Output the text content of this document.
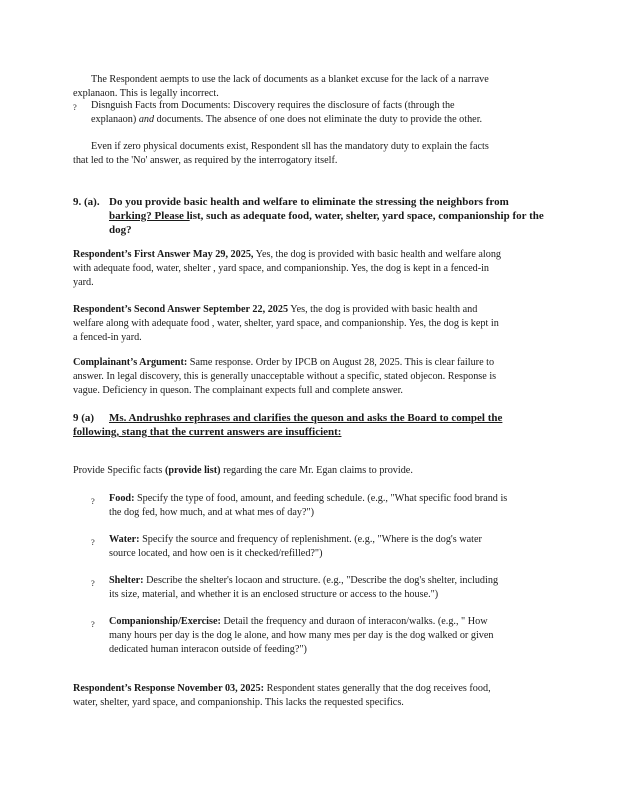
The Respondent aempts to use the lack of documents as a blanket excuse for the lack of a narrave
explanaon. This is legally incorrect.

?	Disnguish Facts from Documents: Discovery requires the disclosure of facts (through the
explanaon) and documents. The absence of one does not eliminate the duty to provide the other.

Even if zero physical documents exist, Respondent sll has the mandatory duty to explain the facts
that led to the 'No' answer, as required by the interrogatory itself.

9. (a). Do you provide basic health and welfare to eliminate the stressing the neighbors from
barking? Please list, such as adequate food, water, shelter, yard space, companionship for the
dog?

Respondent’s First Answer May 29, 2025, Yes, the dog is provided with basic health and welfare along
with adequate food, water, shelter , yard space, and companionship. Yes, the dog is kept in a fenced-in
yard.

Respondent’s Second Answer September 22, 2025 Yes, the dog is provided with basic health and
welfare along with adequate food , water, shelter, yard space, and companionship. Yes, the dog is kept in
a fenced-in yard.

Complainant’s Argument: Same response. Order by IPCB on August 28, 2025. This is clear failure to
answer. In legal discovery, this is generally unacceptable without a specific, stated objecon. Response is
vague. Deficiency in queson. The complainant expects full and complete answer.

9 (a)	Ms. Andrushko rephrases and clarifies the queson and asks the Board to compel the
following, stang that the current answers are insufficient:

Provide Specific facts (provide list) regarding the care Mr. Egan claims to provide.

?	Food: Specify the type of food, amount, and feeding schedule. (e.g., "What specific food brand is
the dog fed, how much, and at what mes of day?")

?	Water: Specify the source and frequency of replenishment. (e.g., "Where is the dog's water
source located, and how oen is it checked/refilled?")

?	Shelter: Describe the shelter's locaon and structure. (e.g., "Describe the dog's shelter, including
its size, material, and whether it is an enclosed structure or access to the house.")

?	Companionship/Exercise: Detail the frequency and duraon of interacon/walks. (e.g., " How
many hours per day is the dog le alone, and how many mes per day is the dog walked or given
dedicated human interacon outside of feeding?")

Respondent’s Response November 03, 2025: Respondent states generally that the dog receives food,
water, shelter, yard space, and companionship. This lacks the requested specifics.
